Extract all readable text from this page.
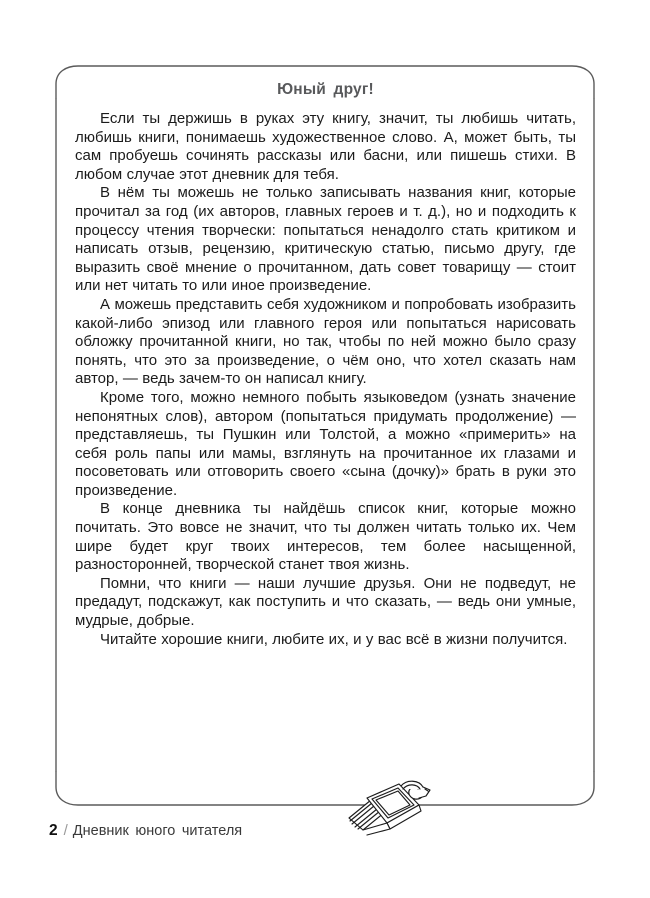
Юный друг!

Если ты держишь в руках эту книгу, значит, ты любишь читать, любишь книги, понимаешь художественное слово. А, может быть, ты сам пробуешь сочинять рассказы или басни, или пишешь стихи. В любом случае этот дневник для тебя.

В нём ты можешь не только записывать названия книг, которые прочитал за год (их авторов, главных героев и т. д.), но и подходить к процессу чтения творчески: попытаться ненадолго стать критиком и написать отзыв, рецензию, критическую статью, письмо другу, где выразить своё мнение о прочитанном, дать совет товарищу — стоит или нет читать то или иное произведение.

А можешь представить себя художником и попробовать изобразить какой-либо эпизод или главного героя или попытаться нарисовать обложку прочитанной книги, но так, чтобы по ней можно было сразу понять, что это за произведение, о чём оно, что хотел сказать нам автор, — ведь зачем-то он написал книгу.

Кроме того, можно немного побыть языковедом (узнать значение непонятных слов), автором (попытаться придумать продолжение) — представляешь, ты Пушкин или Толстой, а можно «примерить» на себя роль папы или мамы, взглянуть на прочитанное их глазами и посоветовать или отговорить своего «сына (дочку)» брать в руки это произведение.

В конце дневника ты найдёшь список книг, которые можно почитать. Это вовсе не значит, что ты должен читать только их. Чем шире будет круг твоих интересов, тем более насыщенной, разносторонней, творческой станет твоя жизнь.

Помни, что книги — наши лучшие друзья. Они не подведут, не предадут, подскажут, как поступить и что сказать, — ведь они умные, мудрые, добрые.

Читайте хорошие книги, любите их, и у вас всё в жизни получится.

2 / Дневник юного читателя
